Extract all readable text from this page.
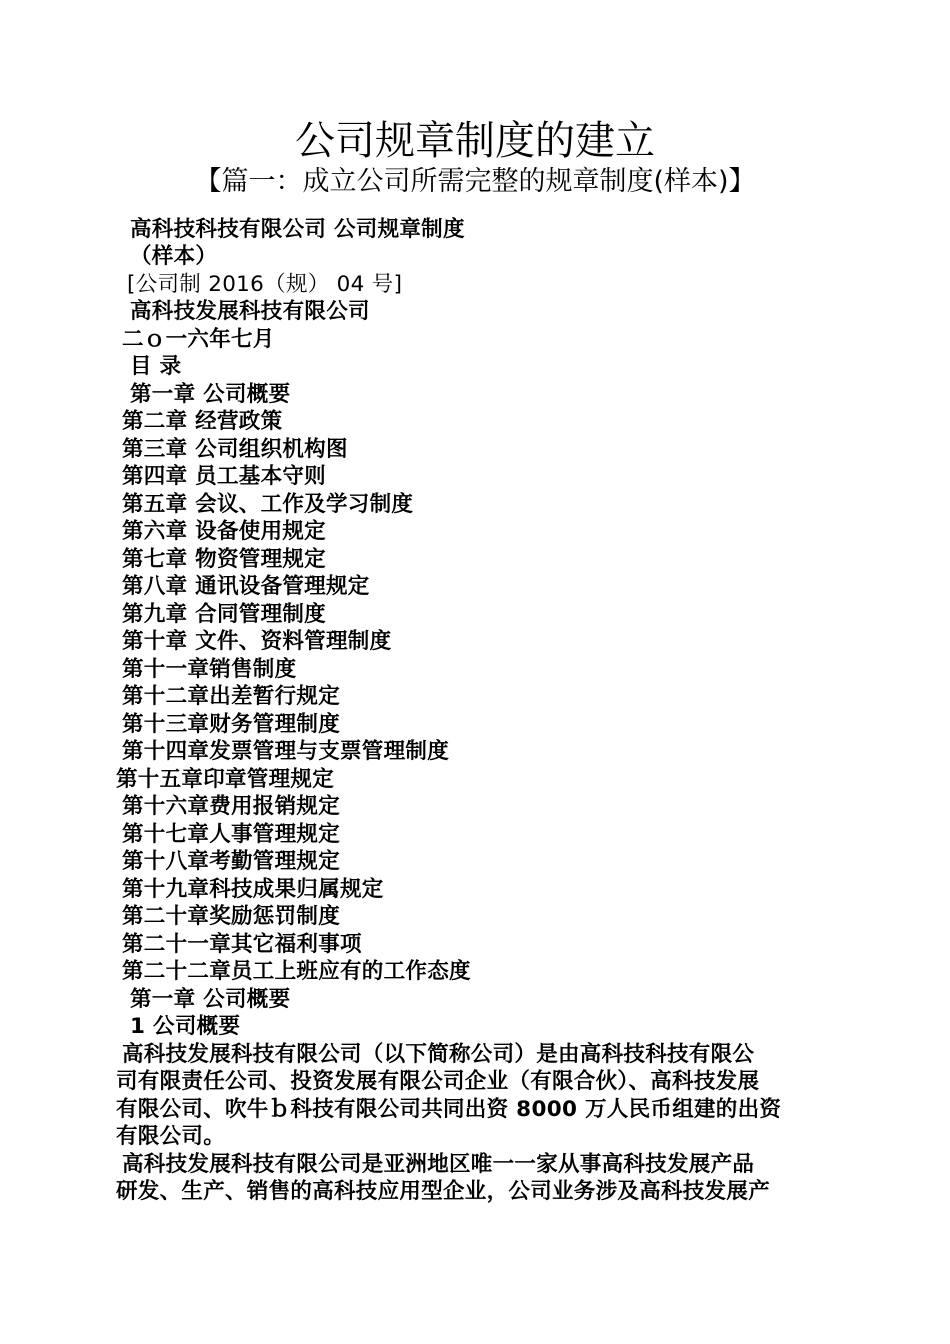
公司规章制度的建立
【篇一：成立公司所需完整的规章制度(样本)】
高科技科技有限公司 公司规章制度
（样本）
[公司制 2016（规） 04 号]
高科技发展科技有限公司
二ｏ一六年七月
目 录
第一章 公司概要
第二章 经营政策
第三章 公司组织机构图
第四章 员工基本守则
第五章 会议、工作及学习制度
第六章 设备使用规定
第七章 物资管理规定
第八章 通讯设备管理规定
第九章 合同管理制度
第十章 文件、资料管理制度
第十一章销售制度
第十二章出差暂行规定
第十三章财务管理制度
第十四章发票管理与支票管理制度
第十五章印章管理规定
第十六章费用报销规定
第十七章人事管理规定
第十八章考勤管理规定
第十九章科技成果归属规定
第二十章奖励惩罚制度
第二十一章其它福利事项
第二十二章员工上班应有的工作态度
第一章 公司概要
1 公司概要
高科技发展科技有限公司（以下简称公司）是由高科技科技有限公
司有限责任公司、投资发展有限公司企业（有限合伙）、高科技发展
有限公司、吹牛ｂ科技有限公司共同出资 8000 万人民币组建的出资
有限公司。
高科技发展科技有限公司是亚洲地区唯一一家从事高科技发展产品
研发、生产、销售的高科技应用型企业，公司业务涉及高科技发展产
